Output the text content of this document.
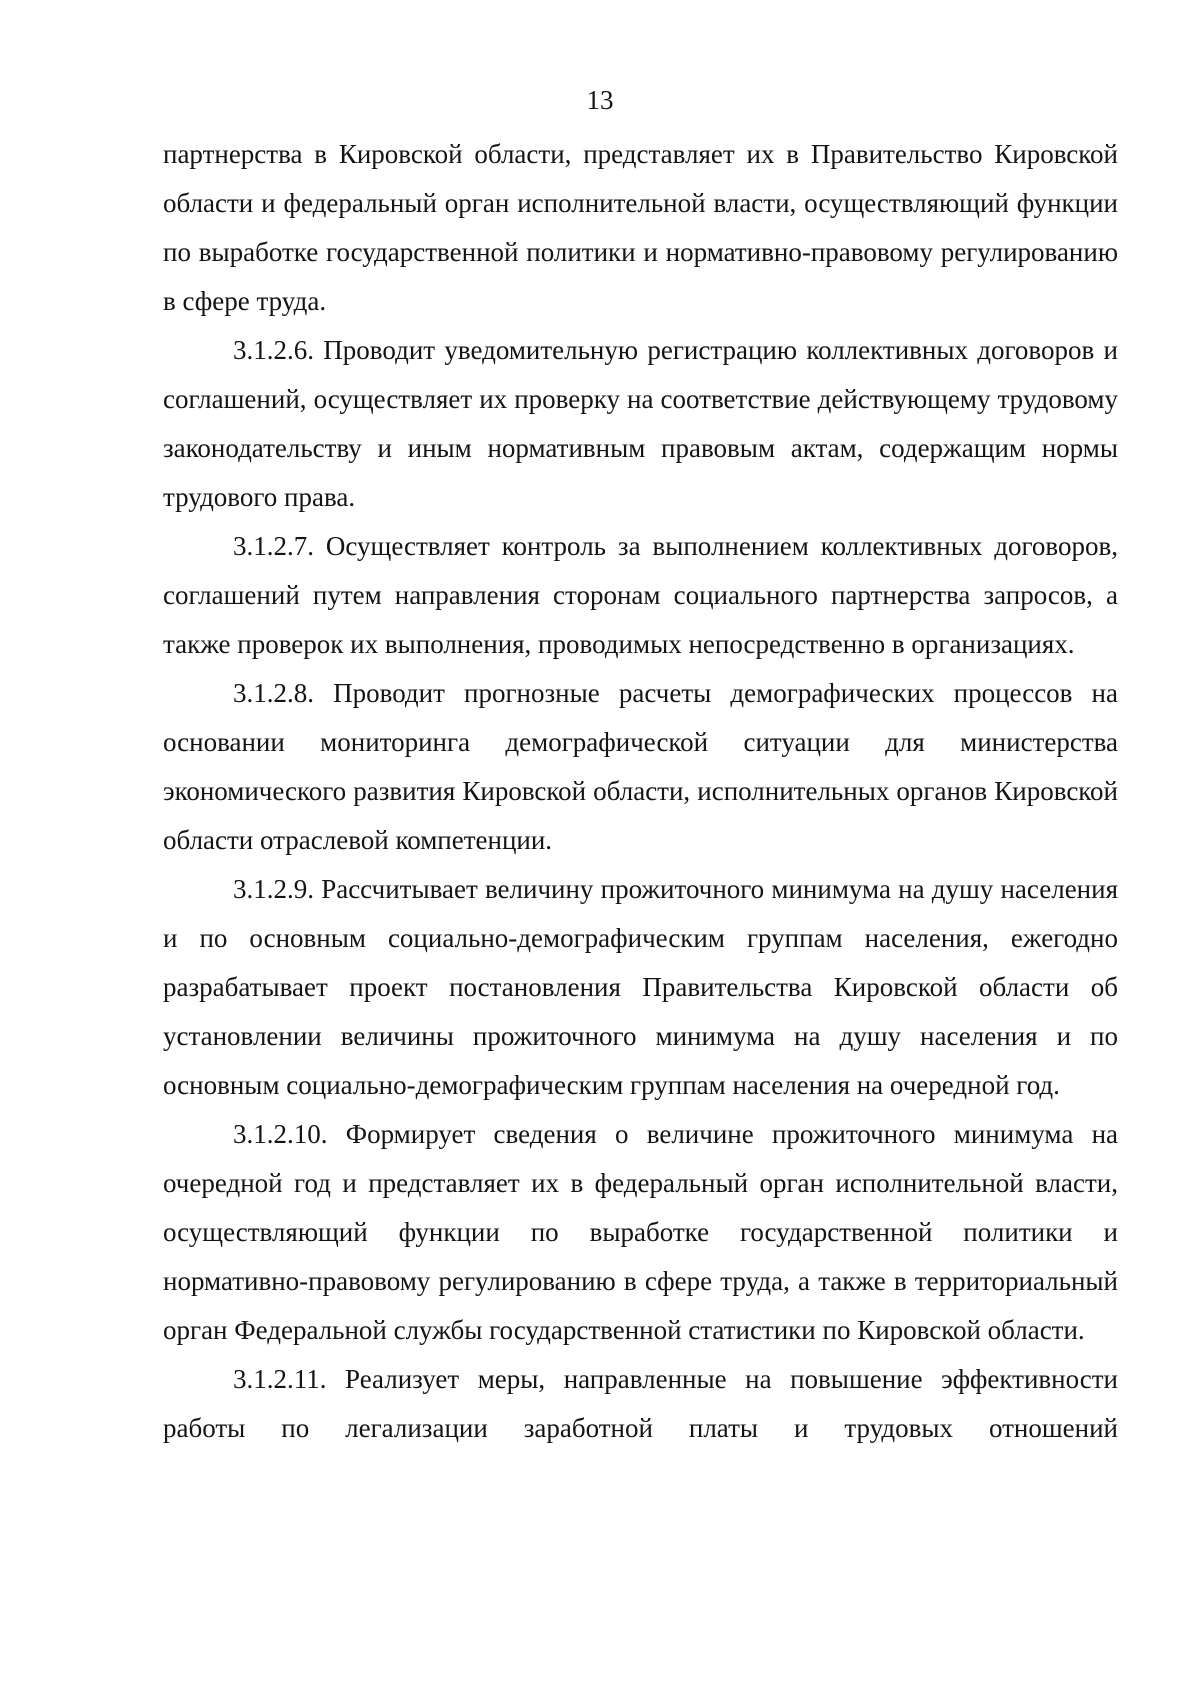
13

партнерства в Кировской области, представляет их в Правительство Кировской области и федеральный орган исполнительной власти, осуществляющий функции по выработке государственной политики и нормативно-правовому регулированию в сфере труда.

3.1.2.6. Проводит уведомительную регистрацию коллективных договоров и соглашений, осуществляет их проверку на соответствие действующему трудовому законодательству и иным нормативным правовым актам, содержащим нормы трудового права.

3.1.2.7. Осуществляет контроль за выполнением коллективных договоров, соглашений путем направления сторонам социального партнерства запросов, а также проверок их выполнения, проводимых непосредственно в организациях.

3.1.2.8. Проводит прогнозные расчеты демографических процессов на основании мониторинга демографической ситуации для министерства экономического развития Кировской области, исполнительных органов Кировской области отраслевой компетенции.

3.1.2.9. Рассчитывает величину прожиточного минимума на душу населения и по основным социально-демографическим группам населения, ежегодно разрабатывает проект постановления Правительства Кировской области об установлении величины прожиточного минимума на душу населения и по основным социально-демографическим группам населения на очередной год.

3.1.2.10. Формирует сведения о величине прожиточного минимума на очередной год и представляет их в федеральный орган исполнительной власти, осуществляющий функции по выработке государственной политики и нормативно-правовому регулированию в сфере труда, а также в территориальный орган Федеральной службы государственной статистики по Кировской области.

3.1.2.11. Реализует меры, направленные на повышение эффективности работы по легализации заработной платы и трудовых отношений
